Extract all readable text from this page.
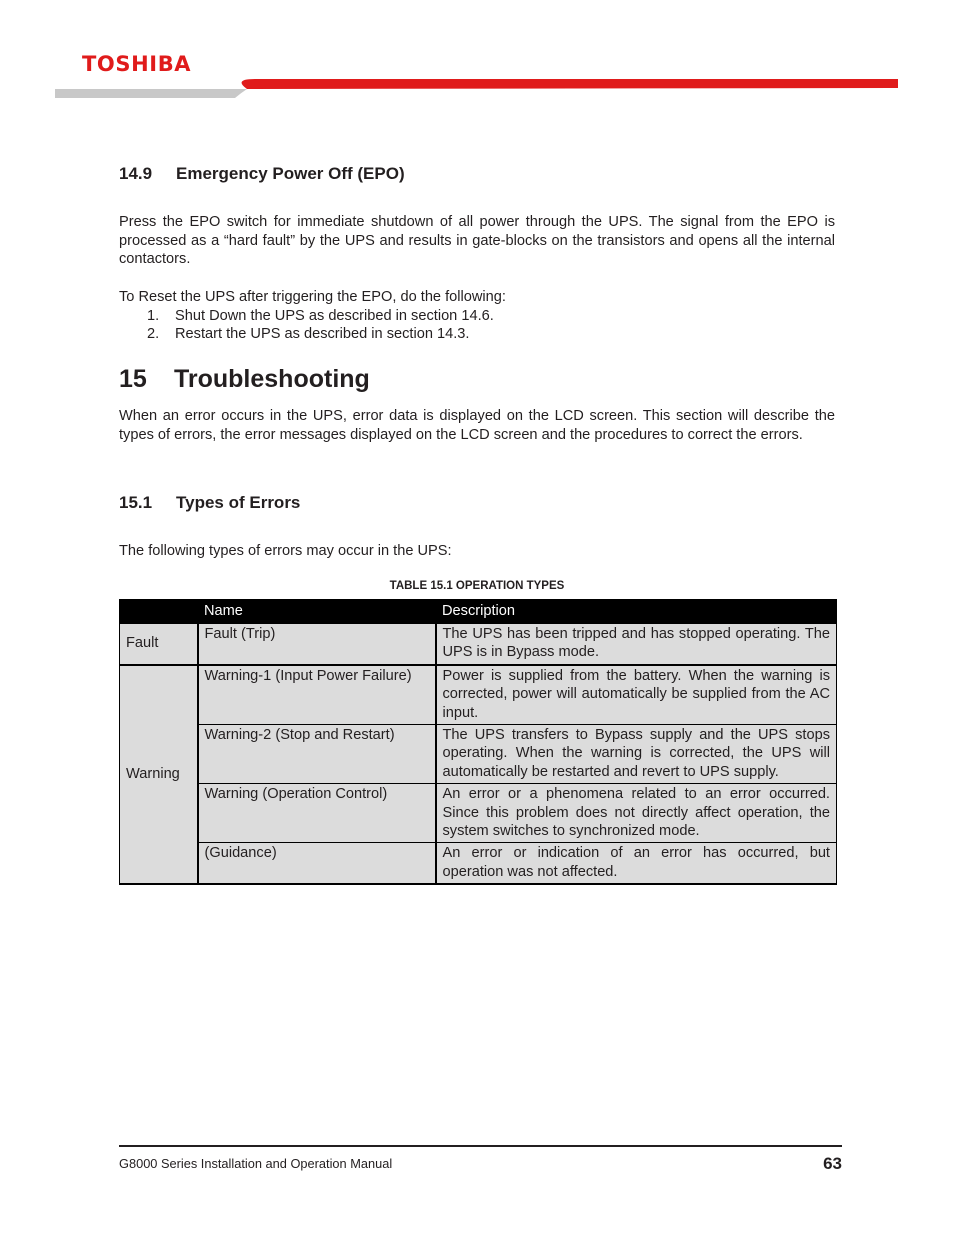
TOSHIBA
14.9 Emergency Power Off (EPO)
Press the EPO switch for immediate shutdown of all power through the UPS. The signal from the EPO is processed as a “hard fault” by the UPS and results in gate-blocks on the transistors and opens all the internal contactors.
To Reset the UPS after triggering the EPO, do the following:
1. Shut Down the UPS as described in section 14.6.
2. Restart the UPS as described in section 14.3.
15 Troubleshooting
When an error occurs in the UPS, error data is displayed on the LCD screen. This section will describe the types of errors, the error messages displayed on the LCD screen and the procedures to correct the errors.
15.1 Types of Errors
The following types of errors may occur in the UPS:
TABLE 15.1 OPERATION TYPES
	Name	Description
Fault	Fault (Trip)	The UPS has been tripped and has stopped operating. The UPS is in Bypass mode.
Warning	Warning-1 (Input Power Failure)	Power is supplied from the battery. When the warning is corrected, power will automatically be supplied from the AC input.
	Warning-2 (Stop and Restart)	The UPS transfers to Bypass supply and the UPS stops operating. When the warning is corrected, the UPS will automatically be restarted and revert to UPS supply.
	Warning (Operation Control)	An error or a phenomena related to an error occurred. Since this problem does not directly affect operation, the system switches to synchronized mode.
	(Guidance)	An error or indication of an error has occurred, but operation was not affected.
G8000 Series Installation and Operation Manual	63
